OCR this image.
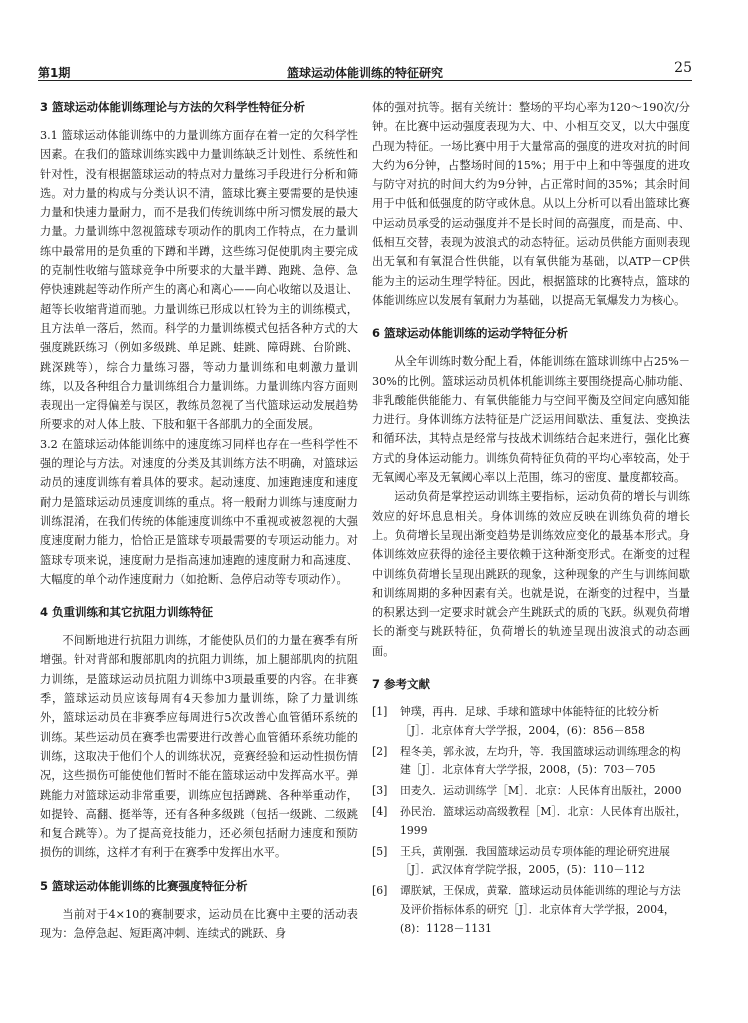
第1期	篮球运动体能训练的特征研究	25
3 篮球运动体能训练理论与方法的欠科学性特征分析

3.1 篮球运动体能训练中的力量训练方面存在着一定的欠科学性因素。在我们的篮球训练实践中力量训练缺乏计划性、系统性和针对性，没有根据篮球运动的特点对力量练习手段进行分析和筛选。对力量的构成与分类认识不清，篮球比赛主要需要的是快速力量和快速力量耐力，而不是我们传统训练中所习惯发展的最大力量。力量训练中忽视篮球专项动作的肌肉工作特点，在力量训练中最常用的是负重的下蹲和半蹲，这些练习促使肌肉主要完成的克制性收缩与篮球竞争中所要求的大量半蹲、跑跳、急停、急停快速跳起等动作所产生的离心和离心——向心收缩以及退让、超等长收缩背道而驰。力量训练已形成以杠铃为主的训练模式，且方法单一落后，然而。科学的力量训练模式包括各种方式的大强度跳跃练习（例如多级跳、单足跳、蛙跳、障碍跳、台阶跳、跳深跳等），综合力量练习器，等动力量训练和电刺激力量训练，以及各种组合力量训练组合力量训练。力量训练内容方面则表现出一定得偏差与误区，教练员忽视了当代篮球运动发展趋势所要求的对人体上肢、下肢和躯干各部肌力的全面发展。

3.2 在篮球运动体能训练中的速度练习同样也存在一些科学性不强的理论与方法。对速度的分类及其训练方法不明确，对篮球运动员的速度训练有着具体的要求。起动速度、加速跑速度和速度耐力是篮球运动员速度训练的重点。将一般耐力训练与速度耐力训练混淆，在我们传统的体能速度训练中不重视或被忽视的大强度速度耐力能力，恰恰正是篮球专项最需要的专项运动能力。对篮球专项来说，速度耐力是指高速加速跑的速度耐力和高速度、大幅度的单个动作速度耐力（如抢断、急停启动等专项动作）。

4 负重训练和其它抗阻力训练特征

不间断地进行抗阻力训练，才能使队员们的力量在赛季有所增强。针对背部和腹部肌肉的抗阻力训练，加上腿部肌肉的抗阻力训练，是篮球运动员抗阻力训练中3项最重要的内容。在非赛季，篮球运动员应该每周有4天参加力量训练，除了力量训练外，篮球运动员在非赛季应每周进行5次改善心血管循环系统的训练。某些运动员在赛季也需要进行改善心血管循环系统功能的训练，这取决于他们个人的训练状况，竞赛经验和运动性损伤情况，这些损伤可能使他们暂时不能在篮球运动中发挥高水平。弹跳能力对篮球运动非常重要，训练应包括蹲跳、各种举重动作，如提铃、高翻、挺举等，还有各种多级跳（包括一级跳、二级跳和复合跳等）。为了提高竞技能力，还必须包括耐力速度和预防损伤的训练，这样才有利于在赛季中发挥出水平。

5 篮球运动体能训练的比赛强度特征分析

当前对于4×10的赛制要求，运动员在比赛中主要的活动表现为：急停急起、短距离冲刺、连续式的跳跃、身

体的强对抗等。据有关统计：整场的平均心率为120～190次/分钟。在比赛中运动强度表现为大、中、小相互交叉，以大中强度凸现为特征。一场比赛中用于大量常高的强度的进攻对抗的时间大约为6分钟，占整场时间的15%；用于中上和中等强度的进攻与防守对抗的时间大约为9分钟，占正常时间的35%；其余时间用于中低和低强度的防守或休息。从以上分析可以看出篮球比赛中运动员承受的运动强度并不是长时间的高强度，而是高、中、低相互交替，表现为波浪式的动态特征。运动员供能方面则表现出无氧和有氧混合性供能，以有氧供能为基础，以ATP－CP供能为主的运动生理学特征。因此，根据篮球的比赛特点，篮球的体能训练应以发展有氧耐力为基础，以提高无氧爆发力为核心。

6 篮球运动体能训练的运动学特征分析

从全年训练时数分配上看，体能训练在篮球训练中占25%－30%的比例。篮球运动员机体机能训练主要围绕提高心肺功能、非乳酸能供能能力、有氧供能能力与空间平衡及空间定向感知能力进行。身体训练方法特征是广泛运用间歇法、重复法、变换法和循环法，其特点是经常与技战术训练结合起来进行，强化比赛方式的身体运动能力。训练负荷特征负荷的平均心率较高，处于无氧阈心率及无氧阈心率以上范围，练习的密度、量度都较高。

运动负荷是掌控运动训练主要指标，运动负荷的增长与训练效应的好坏息息相关。身体训练的效应反映在训练负荷的增长上。负荷增长呈现出渐变趋势是训练效应变化的最基本形式。身体训练效应获得的途径主要依赖于这种渐变形式。在渐变的过程中训练负荷增长呈现出跳跃的现象，这种现象的产生与训练间歇和训练周期的多种因素有关。也就是说，在渐变的过程中，当量的积累达到一定要求时就会产生跳跃式的质的飞跃。纵观负荷增长的渐变与跳跃特征，负荷增长的轨迹呈现出波浪式的动态画面。

7 参考文献
[1]	钟璞，再冉．足球、手球和篮球中体能特征的比较分析［J］．北京体育大学学报，2004，(6)：856－858
[2]	程冬美，郭永波，左均升，等．我国篮球运动训练理念的构建［J］．北京体育大学学报，2008，(5)：703－705
[3]	田麦久．运动训练学［M］．北京：人民体育出版社，2000
[4]	孙民治．篮球运动高级教程［M］．北京：人民体育出版社，1999
[5]	王兵，黄刚强．我国篮球运动员专项体能的理论研究进展［J］．武汉体育学院学报，2005，(5)：110－112
[6]	谭朕斌，王保成，黄鞏．篮球运动员体能训练的理论与方法及评价指标体系的研究［J］．北京体育大学学报，2004，(8)：1128－1131
